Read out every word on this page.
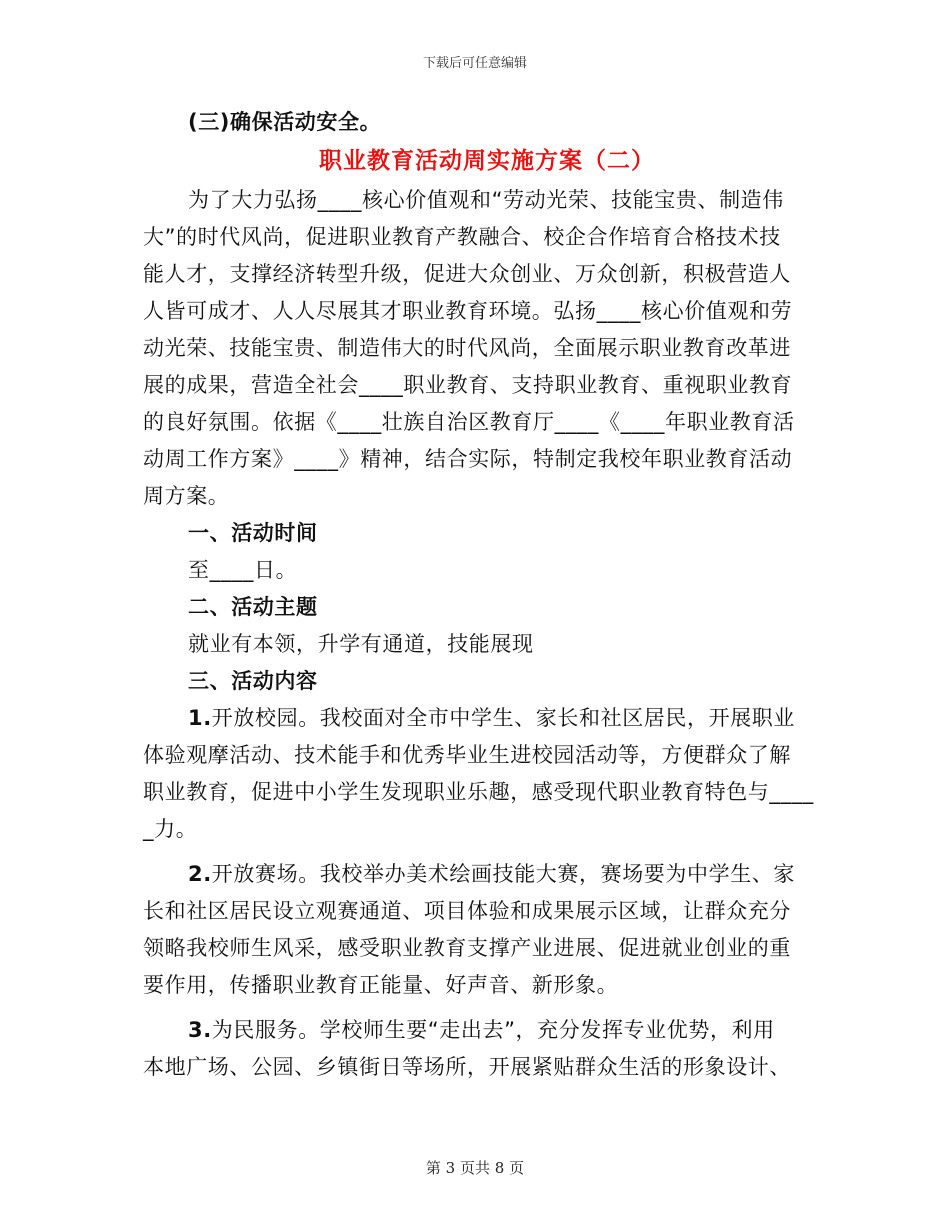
下载后可任意编辑
(三)确保活动安全。
职业教育活动周实施方案（二）
为了大力弘扬____核心价值观和“劳动光荣、技能宝贵、制造伟
大”的时代风尚，促进职业教育产教融合、校企合作培育合格技术技
能人才，支撑经济转型升级，促进大众创业、万众创新，积极营造人
人皆可成才、人人尽展其才职业教育环境。弘扬____核心价值观和劳
动光荣、技能宝贵、制造伟大的时代风尚，全面展示职业教育改革进
展的成果，营造全社会____职业教育、支持职业教育、重视职业教育
的良好氛围。依据《____壮族自治区教育厅____《____年职业教育活
动周工作方案》____》精神，结合实际，特制定我校年职业教育活动
周方案。
一、活动时间
至____日。
二、活动主题
就业有本领，升学有通道，技能展现
三、活动内容
1.开放校园。我校面对全市中学生、家长和社区居民，开展职业
体验观摩活动、技术能手和优秀毕业生进校园活动等，方便群众了解
职业教育，促进中小学生发现职业乐趣，感受现代职业教育特色与____
_力。
2.开放赛场。我校举办美术绘画技能大赛，赛场要为中学生、家
长和社区居民设立观赛通道、项目体验和成果展示区域，让群众充分
领略我校师生风采，感受职业教育支撑产业进展、促进就业创业的重
要作用，传播职业教育正能量、好声音、新形象。
3.为民服务。学校师生要“走出去”，充分发挥专业优势，利用
本地广场、公园、乡镇街日等场所，开展紧贴群众生活的形象设计、
第 3 页共 8 页
